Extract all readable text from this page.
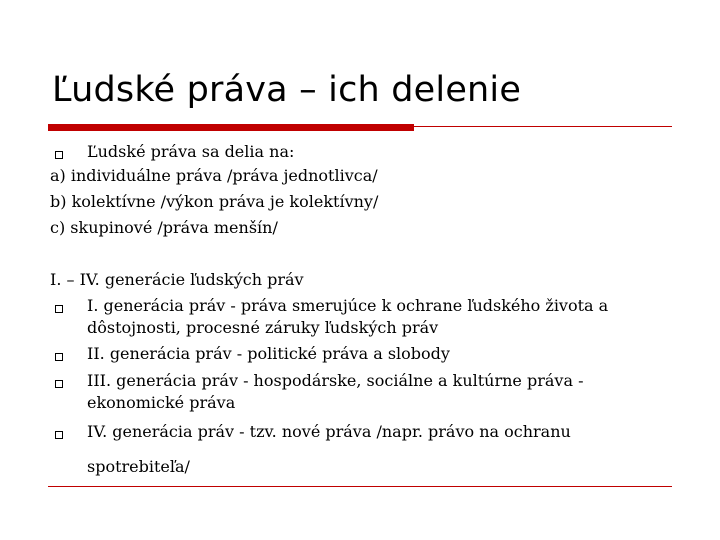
Ľudské práva – ich delenie
Ľudské práva sa delia na:
a) individuálne práva /práva jednotlivca/
b) kolektívne /výkon práva je kolektívny/
c) skupinové /práva menšín/
I. – IV. generácie ľudských práv
I. generácia práv - práva smerujúce k ochrane ľudského života a
dôstojnosti, procesné záruky ľudských práv
II. generácia práv - politické práva a slobody
III. generácia práv - hospodárske, sociálne a kultúrne práva -
ekonomické práva
IV. generácia práv - tzv. nové práva /napr. právo na ochranu
spotrebiteľa/
